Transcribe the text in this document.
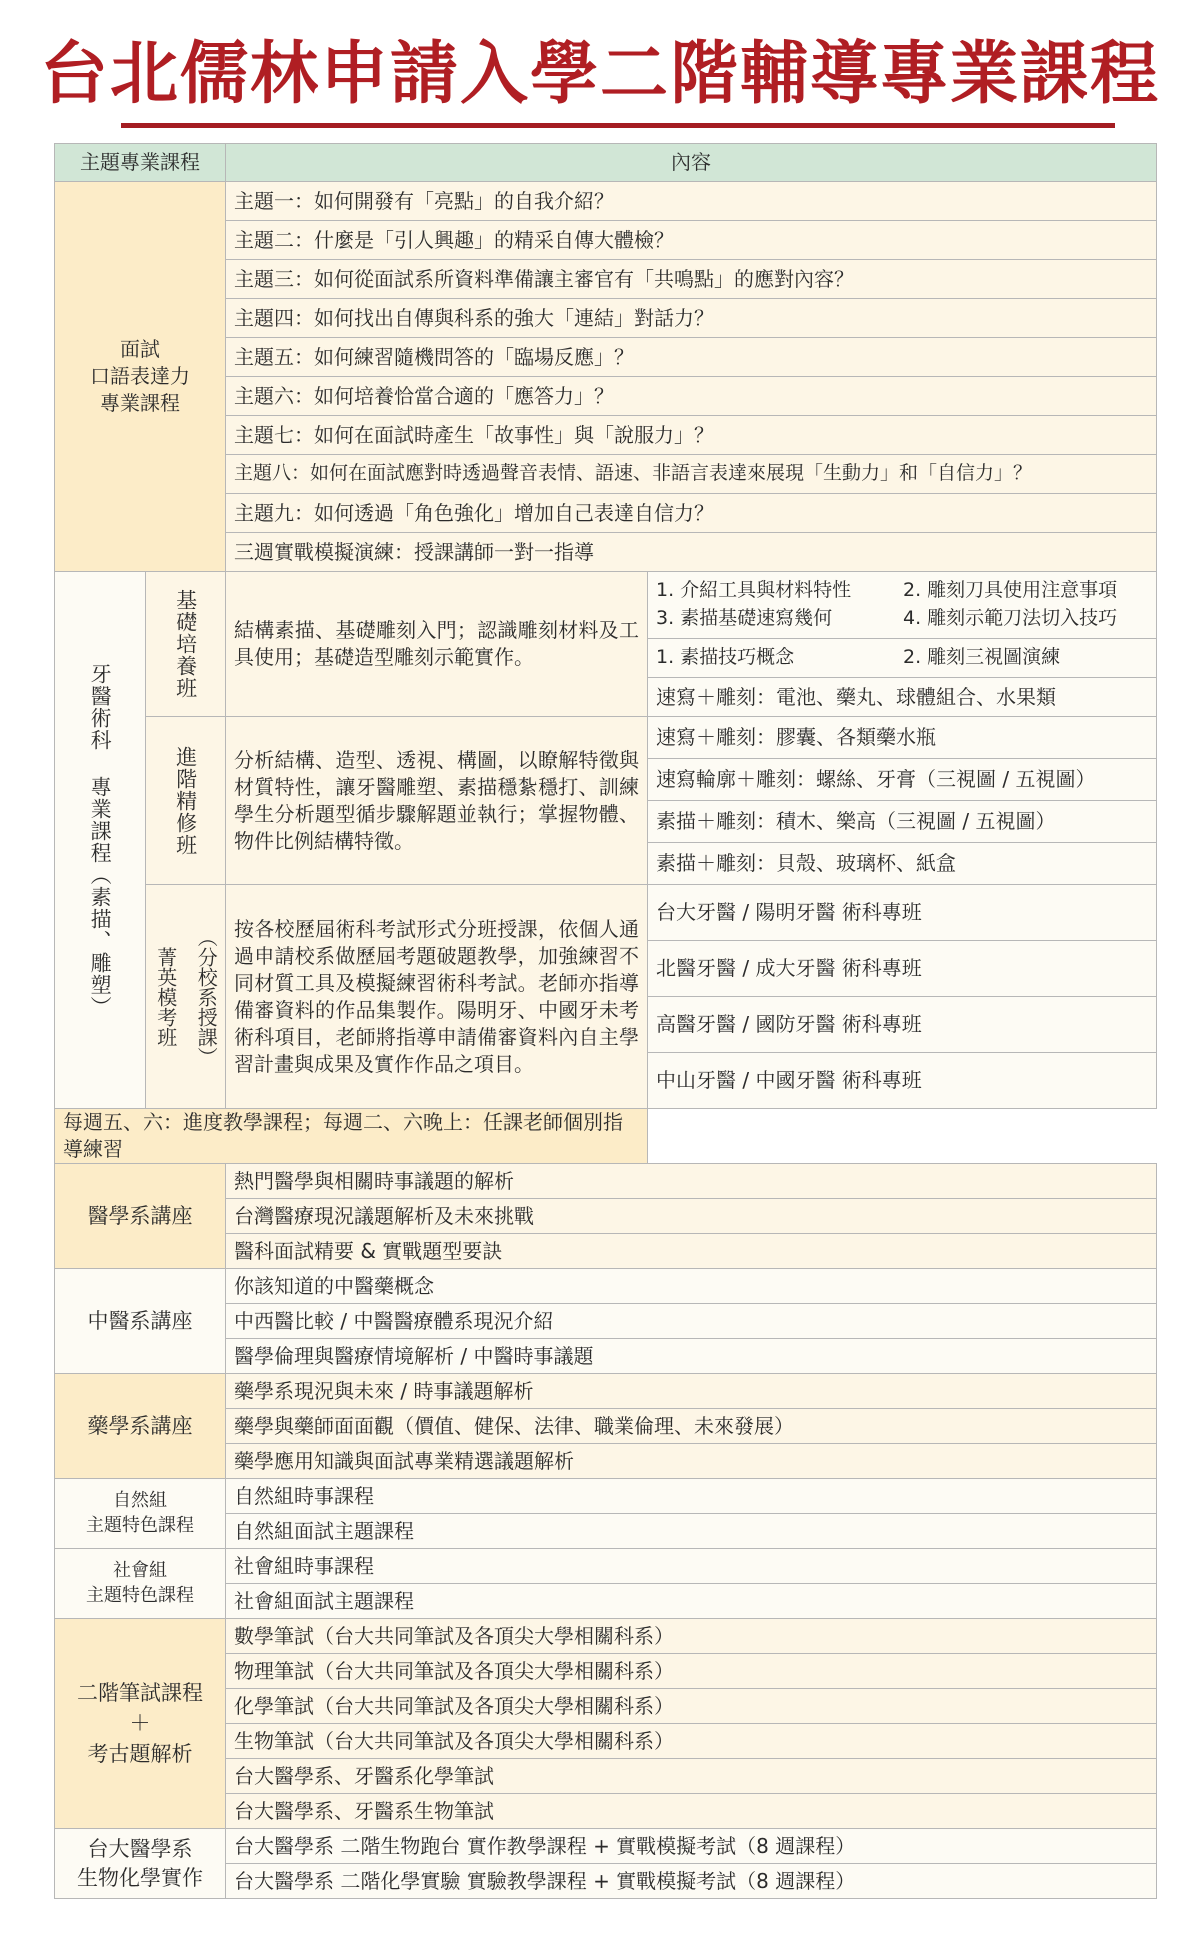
台北儒林申請入學二階輔導專業課程
主題專業課程		內容	

面試
口語表達力
專業課程		主題一：如何開發有「亮點」的自我介紹？	
		主題二：什麼是「引人興趣」的精采自傳大體檢？	
		主題三：如何從面試系所資料準備讓主審官有「共鳴點」的應對內容？	
		主題四：如何找出自傳與科系的強大「連結」對話力？	
		主題五：如何練習隨機問答的「臨場反應」？	
		主題六：如何培養恰當合適的「應答力」？	
		主題七：如何在面試時產生「故事性」與「說服力」？	
		主題八：如何在面試應對時透過聲音表情、語速、非語言表達來展現「生動力」和「自信力」？	
		主題九：如何透過「角色強化」增加自己表達自信力？	
		三週實戰模擬演練：授課講師一對一指導	

牙醫術科 專業課程（素描、雕塑）	基礎培養班	結構素描、基礎雕刻入門；認識雕刻材料及工具使用；基礎造型雕刻示範實作。	1. 介紹工具與材料特性 2. 雕刻刀具使用注意事項
3. 素描基礎速寫幾何 4. 雕刻示範刀法切入技巧

			1. 素描技巧概念 2. 雕刻三視圖演練

			速寫＋雕刻：電池、藥丸、球體組合、水果類

	進階精修班	分析結構、造型、透視、構圖，以瞭解特徵與材質特性，讓牙醫雕塑、素描穩紮穩打、訓練學生分析題型循步驟解題並執行；掌握物體、物件比例結構特徵。	速寫＋雕刻：膠囊、各類藥水瓶
			速寫輪廓＋雕刻：螺絲、牙膏（三視圖 / 五視圖）
			素描＋雕刻：積木、樂高（三視圖 / 五視圖）
			素描＋雕刻：貝殼、玻璃杯、紙盒

	（分校系授課）
菁英模考班	按各校歷屆術科考試形式分班授課，依個人通過申請校系做歷屆考題破題教學，加強練習不同材質工具及模擬練習術科考試。老師亦指導備審資料的作品集製作。陽明牙、中國牙未考術科項目，老師將指導申請備審資料內自主學習計畫與成果及實作作品之項目。	台大牙醫 / 陽明牙醫 術科專班
			北醫牙醫 / 成大牙醫 術科專班
			高醫牙醫 / 國防牙醫 術科專班
			中山牙醫 / 中國牙醫 術科專班
每週五、六：進度教學課程；每週二、六晚上：任課老師個別指導練習			
醫學系講座		熱門醫學與相關時事議題的解析	
		台灣醫療現況議題解析及未來挑戰	
		醫科面試精要 & 實戰題型要訣	
中醫系講座		你該知道的中醫藥概念	
		中西醫比較 / 中醫醫療體系現況介紹	
		醫學倫理與醫療情境解析 / 中醫時事議題	
藥學系講座		藥學系現況與未來 / 時事議題解析	
		藥學與藥師面面觀（價值、健保、法律、職業倫理、未來發展）	
		藥學應用知識與面試專業精選議題解析	

自然組
主題特色課程		自然組時事課程	
		自然組面試主題課程	

社會組
主題特色課程		社會組時事課程	
		社會組面試主題課程	

二階筆試課程
＋
考古題解析		數學筆試（台大共同筆試及各頂尖大學相關科系）	
		物理筆試（台大共同筆試及各頂尖大學相關科系）	
		化學筆試（台大共同筆試及各頂尖大學相關科系）	
		生物筆試（台大共同筆試及各頂尖大學相關科系）	
		台大醫學系、牙醫系化學筆試	
		台大醫學系、牙醫系生物筆試	

台大醫學系
生物化學實作		台大醫學系 二階生物跑台 實作教學課程 + 實戰模擬考試（8 週課程）	
		台大醫學系 二階化學實驗 實驗教學課程 + 實戰模擬考試（8 週課程）	
